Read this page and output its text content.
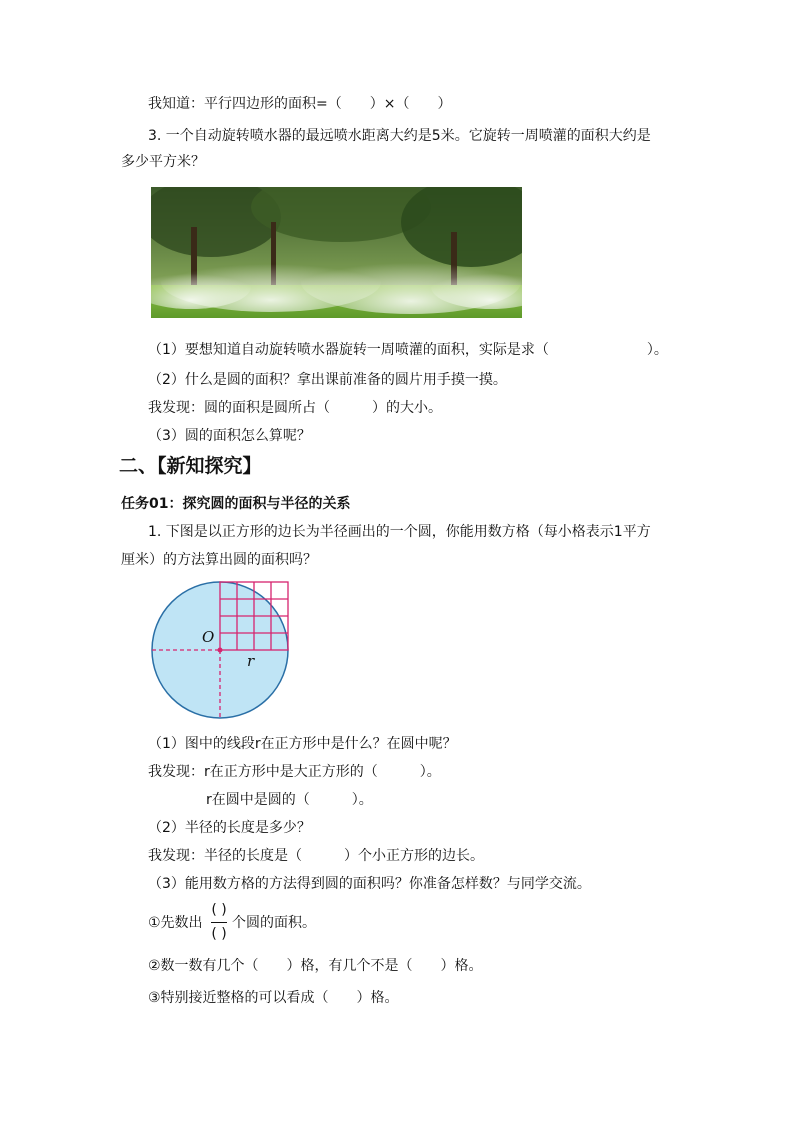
我知道：平行四边形的面积=（　　）×（　　）
3. 一个自动旋转喷水器的最远喷水距离大约是5米。它旋转一周喷灌的面积大约是
多少平方米？
（1）要想知道自动旋转喷水器旋转一周喷灌的面积，实际是求（　　　　　　　）。
（2）什么是圆的面积？拿出课前准备的圆片用手摸一摸。
我发现：圆的面积是圆所占（　　　）的大小。
（3）圆的面积怎么算呢？
二、【新知探究】
任务01：探究圆的面积与半径的关系
1. 下图是以正方形的边长为半径画出的一个圆，你能用数方格（每小格表示1平方
厘米）的方法算出圆的面积吗？
O
r
（1）图中的线段r在正方形中是什么？在圆中呢？
我发现：r在正方形中是大正方形的（　　　）。
r在圆中是圆的（　　　）。
（2）半径的长度是多少？
我发现：半径的长度是（　　　）个小正方形的边长。
（3）能用数方格的方法得到圆的面积吗？你准备怎样数？与同学交流。
①先数出
( )
( )
个圆的面积。
②数一数有几个（　　）格，有几个不是（　　）格。
③特别接近整格的可以看成（　　）格。
